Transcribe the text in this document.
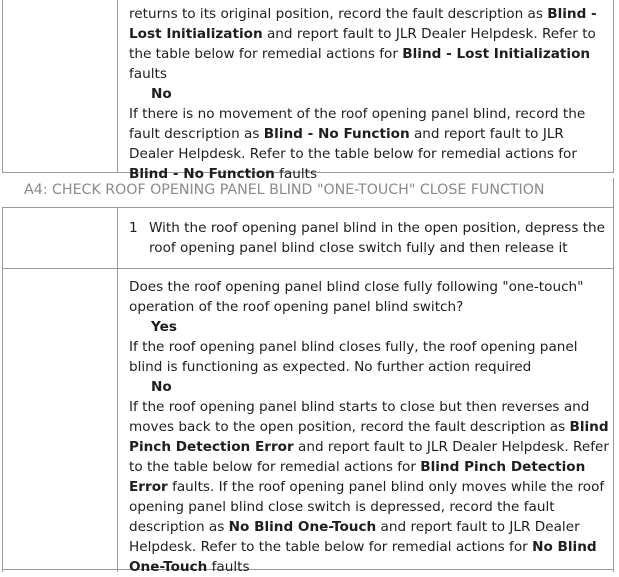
returns to its original position, record the fault description as Blind - Lost Initialization and report fault to JLR Dealer Helpdesk. Refer to the table below for remedial actions for Blind - Lost Initialization faults

No

If there is no movement of the roof opening panel blind, record the fault description as Blind - No Function and report fault to JLR Dealer Helpdesk. Refer to the table below for remedial actions for Blind - No Function faults

A4: CHECK ROOF OPENING PANEL BLIND "ONE-TOUCH" CLOSE FUNCTION
1 With the roof opening panel blind in the open position, depress the roof opening panel blind close switch fully and then release it

Does the roof opening panel blind close fully following "one-touch" operation of the roof opening panel blind switch?

Yes

If the roof opening panel blind closes fully, the roof opening panel blind is functioning as expected. No further action required

No

If the roof opening panel blind starts to close but then reverses and moves back to the open position, record the fault description as Blind Pinch Detection Error and report fault to JLR Dealer Helpdesk. Refer to the table below for remedial actions for Blind Pinch Detection Error faults. If the roof opening panel blind only moves while the roof opening panel blind close switch is depressed, record the fault description as No Blind One-Touch and report fault to JLR Dealer Helpdesk. Refer to the table below for remedial actions for No Blind One-Touch faults
